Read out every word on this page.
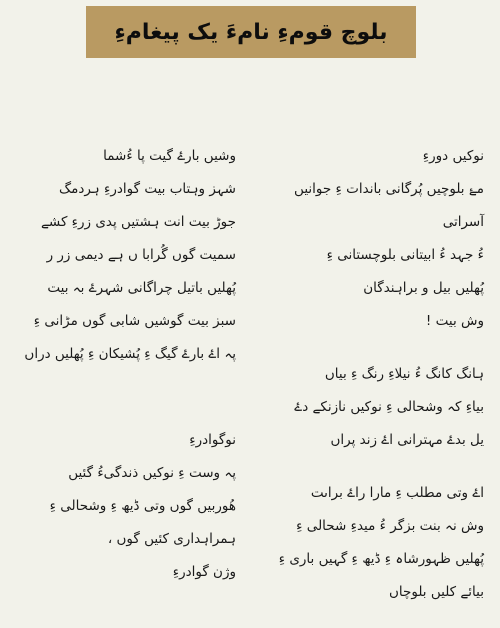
بلوچ قومءِ نامءَ یک پیغامءِ
نوکیں دورءِ
مۓ بلوچیں پُرگانی باندات ءِ جوانیں
آسراتی
ءُ جہد ءُ ابیتانی بلوچستانی ءِ
پُھلیں بیل و براہندگان
وش بیت !
ہانگ کانگ ءُ نیلاءِ رنگ ءِ بیاں
بیاءِ کہ وشحالی ءِ نوکیں نازنکے دۓ
یل بدۓ مہترانی اۓ زند پراں
اۓ وتی مطلب ءِ مارا راۓ براںت
وش نہ بنت بزگر ءُ میدءِ شحالی ءِ
پُھلیں ظہورشاہ ءِ ڈیھ ءِ گہیں باری ءِ
بیائے کلیں بلوچاں
وشیں بارۓ گیت پا ءُشما
شہز وہتاب بیت گوادرءِ ہردمگ
جوڑ بیت انت ہشتیں پدی زرءِ کشے
سمیت گوں گُرابا ں ہے دیمی زر ر
پُھلیں باتیل چراگانی شہرۓ بہ بیت
سبز بیت گوشیں شابی گوں مڑانی ءِ
پہ اۓ بارۓ گیگ ءِ پُشیکان ءِ پُھلیں دراں
نوگوادرءِ
پہ وست ءِ نوکیں ذندگیءُ گئیں
ھُوربیں گوں وتی ڈیھ ءِ وشحالی ءِ
ہمراہداری کئیں گوں ،
وژن گوادرءِ
